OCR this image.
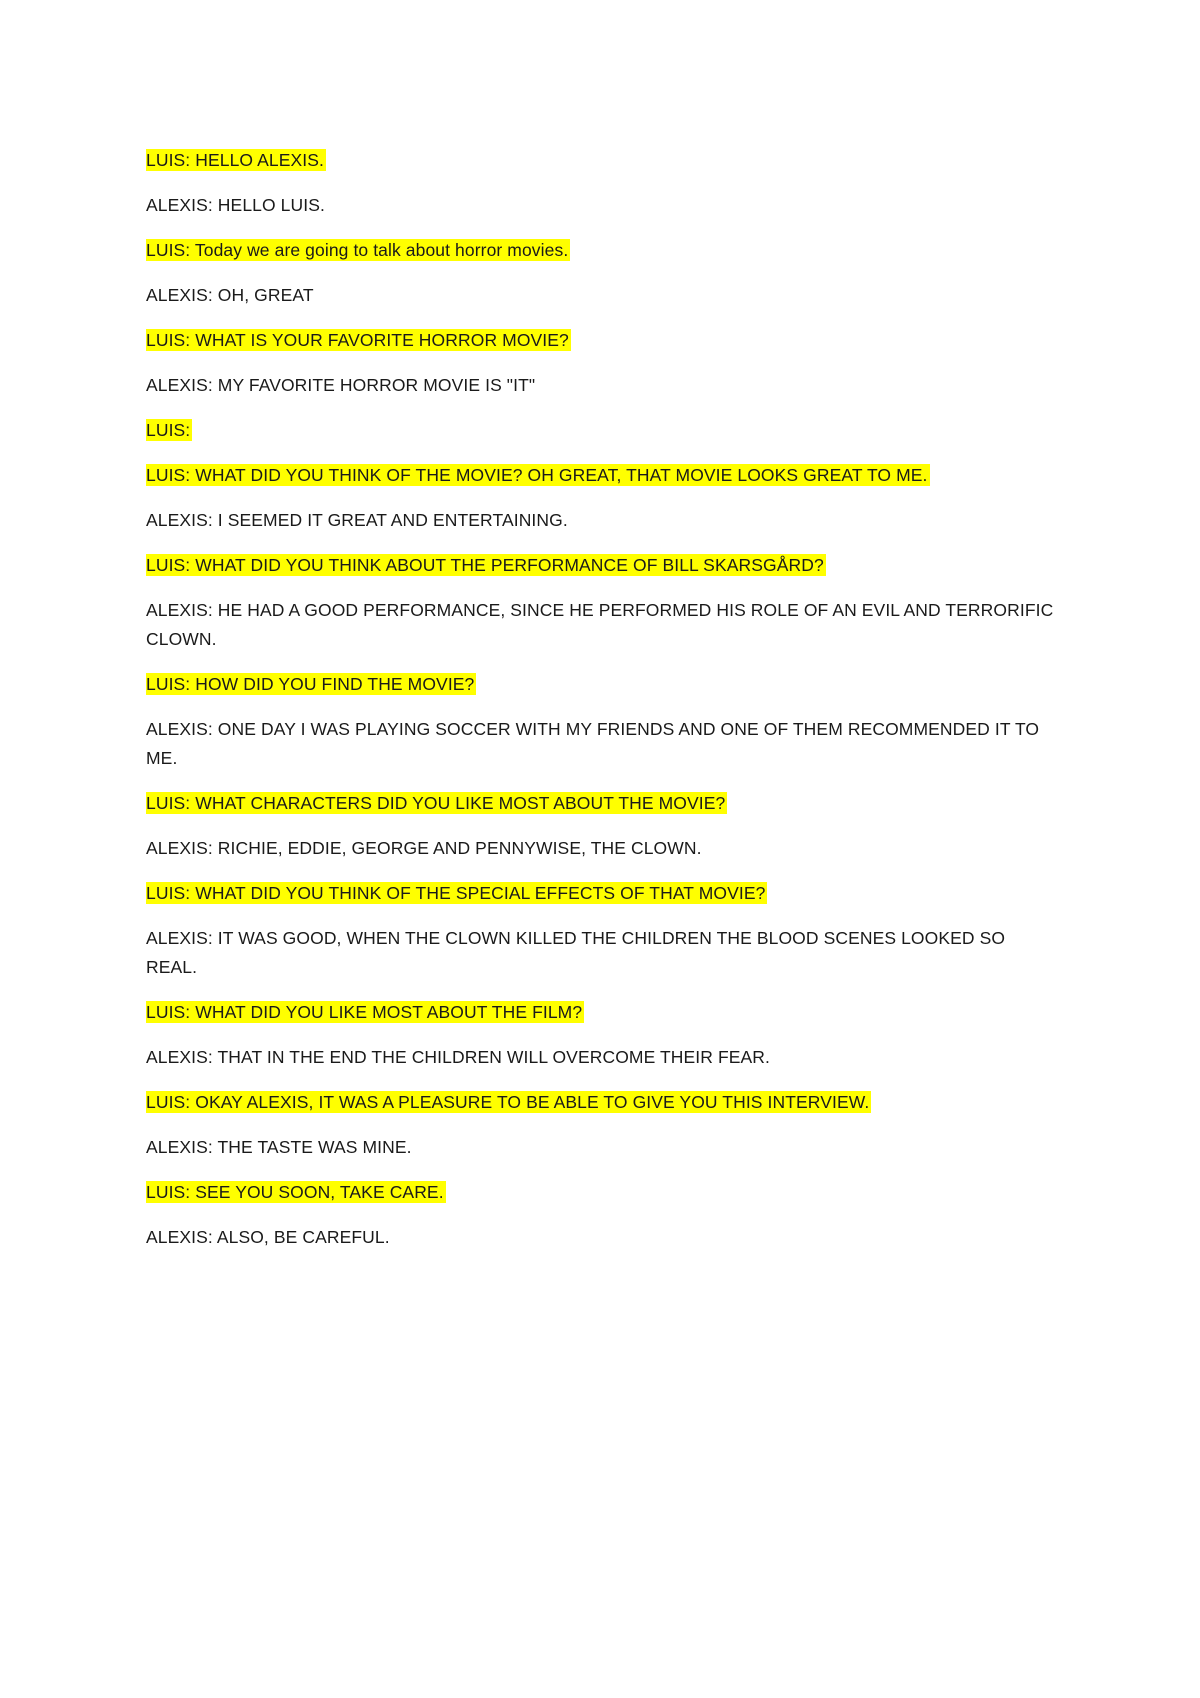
LUIS: HELLO ALEXIS.

ALEXIS: HELLO LUIS.

LUIS: Today we are going to talk about horror movies.

ALEXIS: OH, GREAT

LUIS: WHAT IS YOUR FAVORITE HORROR MOVIE?

ALEXIS: MY FAVORITE HORROR MOVIE IS "IT"

LUIS:

LUIS: WHAT DID YOU THINK OF THE MOVIE? OH GREAT, THAT MOVIE LOOKS GREAT TO ME.

ALEXIS: I SEEMED IT GREAT AND ENTERTAINING.

LUIS: WHAT DID YOU THINK ABOUT THE PERFORMANCE OF BILL SKARSGÅRD?

ALEXIS: HE HAD A GOOD PERFORMANCE, SINCE HE PERFORMED HIS ROLE OF AN EVIL AND TERRORIFIC CLOWN.

LUIS: HOW DID YOU FIND THE MOVIE?

ALEXIS: ONE DAY I WAS PLAYING SOCCER WITH MY FRIENDS AND ONE OF THEM RECOMMENDED IT TO ME.

LUIS: WHAT CHARACTERS DID YOU LIKE MOST ABOUT THE MOVIE?

ALEXIS: RICHIE, EDDIE, GEORGE AND PENNYWISE, THE CLOWN.

LUIS: WHAT DID YOU THINK OF THE SPECIAL EFFECTS OF THAT MOVIE?

ALEXIS: IT WAS GOOD, WHEN THE CLOWN KILLED THE CHILDREN THE BLOOD SCENES LOOKED SO REAL.

LUIS: WHAT DID YOU LIKE MOST ABOUT THE FILM?

ALEXIS: THAT IN THE END THE CHILDREN WILL OVERCOME THEIR FEAR.

LUIS: OKAY ALEXIS, IT WAS A PLEASURE TO BE ABLE TO GIVE YOU THIS INTERVIEW.

ALEXIS: THE TASTE WAS MINE.

LUIS: SEE YOU SOON, TAKE CARE.

ALEXIS: ALSO, BE CAREFUL.
